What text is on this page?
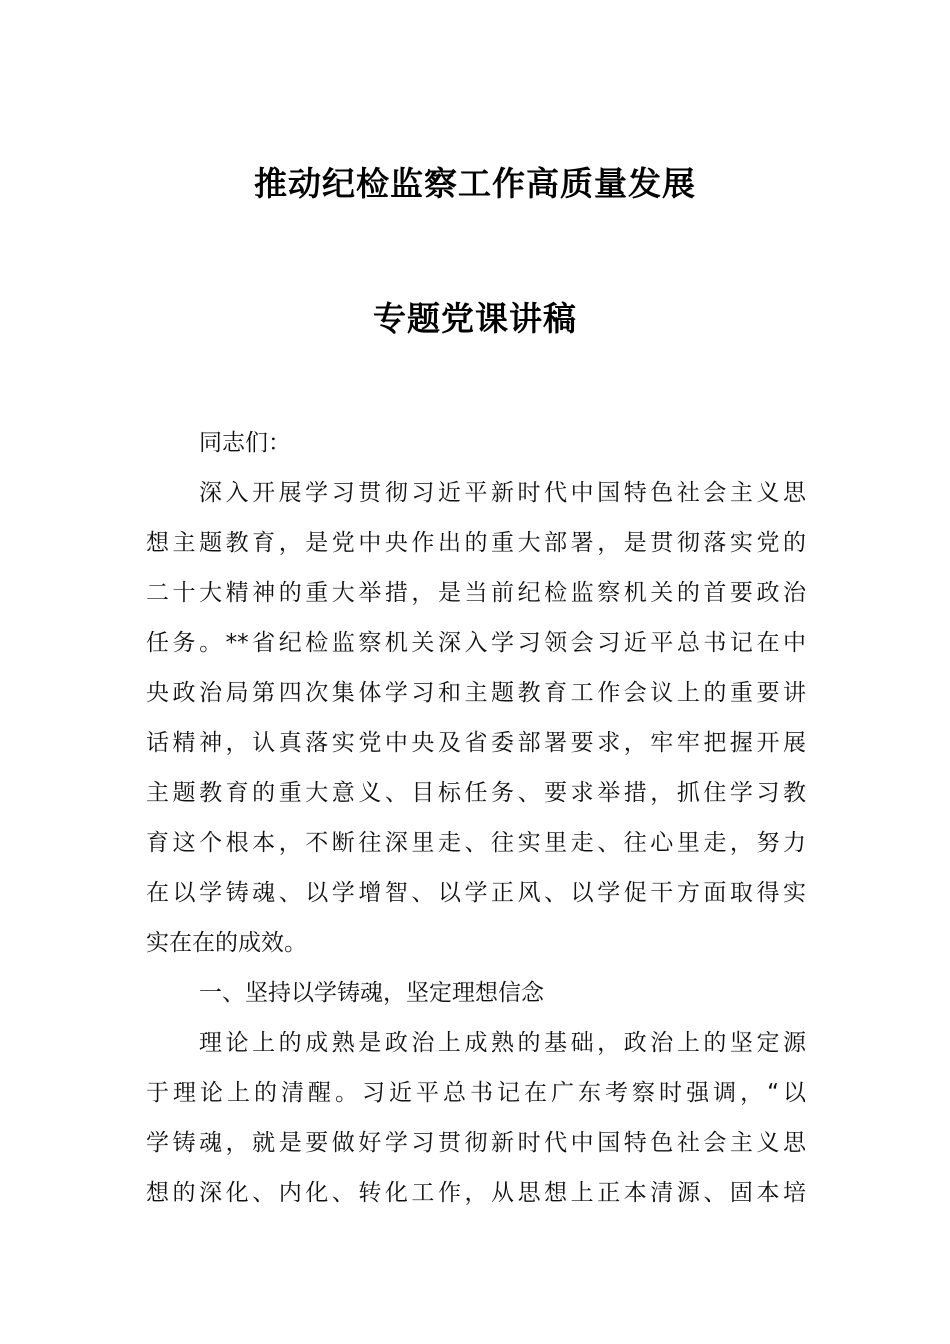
推动纪检监察工作高质量发展
专题党课讲稿
同志们：
深入开展学习贯彻习近平新时代中国特色社会主义思
想主题教育，是党中央作出的重大部署，是贯彻落实党的
二十大精神的重大举措，是当前纪检监察机关的首要政治
任务。**省纪检监察机关深入学习领会习近平总书记在中
央政治局第四次集体学习和主题教育工作会议上的重要讲
话精神，认真落实党中央及省委部署要求，牢牢把握开展
主题教育的重大意义、目标任务、要求举措，抓住学习教
育这个根本，不断往深里走、往实里走、往心里走，努力
在以学铸魂、以学增智、以学正风、以学促干方面取得实
实在在的成效。
一、坚持以学铸魂，坚定理想信念
理论上的成熟是政治上成熟的基础，政治上的坚定源
于理论上的清醒。习近平总书记在广东考察时强调，“以
学铸魂，就是要做好学习贯彻新时代中国特色社会主义思
想的深化、内化、转化工作，从思想上正本清源、固本培
